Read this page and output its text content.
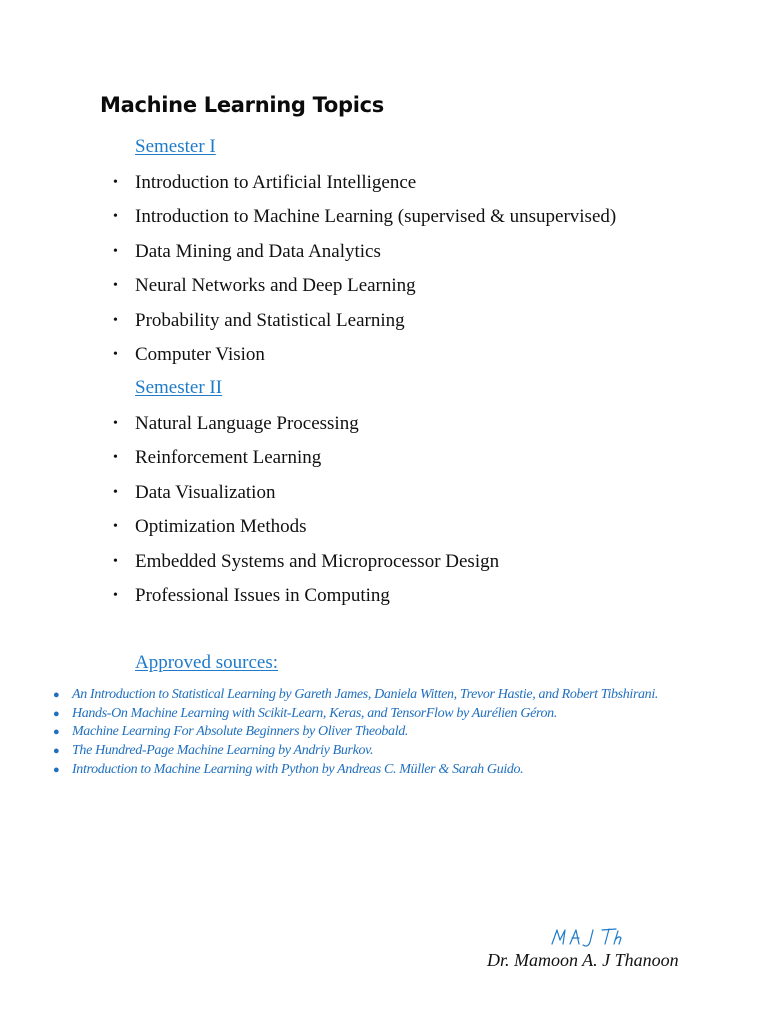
Machine Learning Topics
Semester I
• Introduction to Artificial Intelligence
• Introduction to Machine Learning (supervised & unsupervised)
• Data Mining and Data Analytics
• Neural Networks and Deep Learning
• Probability and Statistical Learning
• Computer Vision
Semester II
• Natural Language Processing
• Reinforcement Learning
• Data Visualization
• Optimization Methods
• Embedded Systems and Microprocessor Design
• Professional Issues in Computing
Approved sources:
● An Introduction to Statistical Learning by Gareth James, Daniela Witten, Trevor Hastie, and Robert Tibshirani.
● Hands-On Machine Learning with Scikit-Learn, Keras, and TensorFlow by Aurélien Géron.
● Machine Learning For Absolute Beginners by Oliver Theobald.
● The Hundred-Page Machine Learning by Andriy Burkov.
● Introduction to Machine Learning with Python by Andreas C. Müller & Sarah Guido.
Dr. Mamoon A. J Thanoon
